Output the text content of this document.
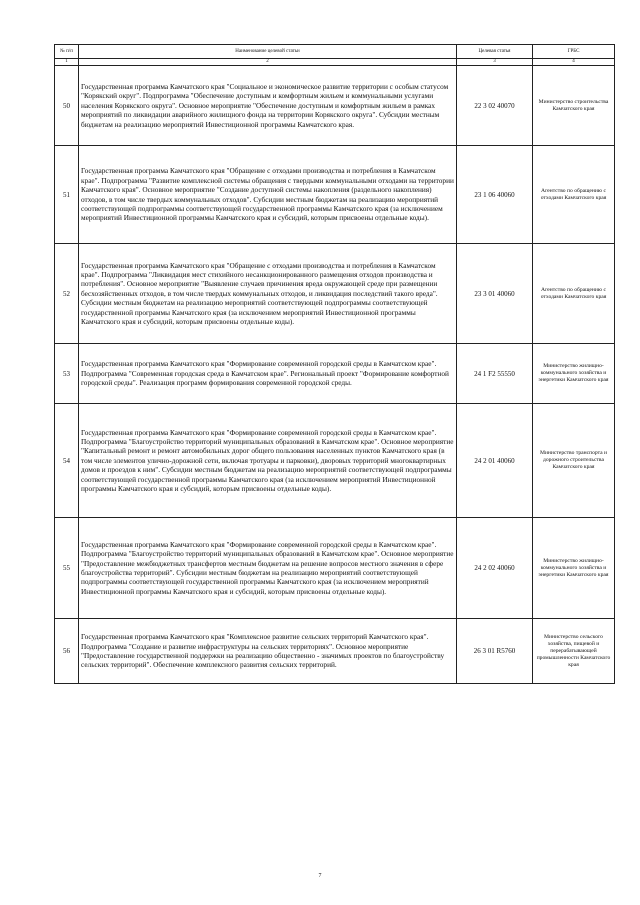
№ п/п	Наименование целевой статьи	Целевая статья	ГРБС
1	2	3	4
50	Государственная программа Камчатского края "Социальное и экономическое развитие территории с особым статусом "Корякский округ". Подпрограмма "Обеспечение доступным и комфортным жильем и коммунальными услугами населения Корякского округа". Основное мероприятие "Обеспечение доступным и комфортным жильем в рамках мероприятий по ликвидации аварийного жилищного фонда на территории Корякского округа". Субсидии местным бюджетам на реализацию мероприятий Инвестиционной программы Камчатского края.	22 3 02 40070	Министерство строительства Камчатского края
51	Государственная программа Камчатского края "Обращение с отходами производства и потребления в Камчатском крае". Подпрограмма "Развитие комплексной системы обращения с твердыми коммунальными отходами на территории Камчатского края". Основное мероприятие "Создание доступной системы накопления (раздельного накопления) отходов, в том числе твердых коммунальных отходов". Субсидии местным бюджетам на реализацию мероприятий соответствующей подпрограммы соответствующей государственной программы Камчатского края (за исключением мероприятий Инвестиционной программы Камчатского края и субсидий, которым присвоены отдельные коды).	23 1 06 40060	Агентство по обращению с отходами Камчатского края
52	Государственная программа Камчатского края "Обращение с отходами производства и потребления в Камчатском крае". Подпрограмма "Ликвидация мест стихийного несанкционированного размещения отходов производства и потребления". Основное мероприятие "Выявление случаев причинения вреда окружающей среде при размещении бесхозяйственных отходов, в том числе твердых коммунальных отходов, и ликвидация последствий такого вреда". Субсидии местным бюджетам на реализацию мероприятий соответствующей подпрограммы соответствующей государственной программы Камчатского края (за исключением мероприятий Инвестиционной программы Камчатского края и субсидий, которым присвоены отдельные коды).	23 3 01 40060	Агентство по обращению с отходами Камчатского края
53	Государственная программа Камчатского края "Формирование современной городской среды в Камчатском крае". Подпрограмма "Современная городская среда в Камчатском крае". Региональный проект "Формирование комфортной городской среды". Реализация программ формирования современной городской среды.	24 1 F2 55550	Министерство жилищно-коммунального хозяйства и энергетики Камчатского края
54	Государственная программа Камчатского края "Формирование современной городской среды в Камчатском крае". Подпрограмма "Благоустройство территорий муниципальных образований в Камчатском крае". Основное мероприятие "Капитальный ремонт и ремонт автомобильных дорог общего пользования населенных пунктов Камчатского края (в том числе элементов улично-дорожной сети, включая тротуары и парковки), дворовых территорий многоквартирных домов и проездов к ним". Субсидии местным бюджетам на реализацию мероприятий соответствующей подпрограммы соответствующей государственной программы Камчатского края (за исключением мероприятий Инвестиционной программы Камчатского края и субсидий, которым присвоены отдельные коды).	24 2 01 40060	Министерство транспорта и дорожного строительства Камчатского края
55	Государственная программа Камчатского края "Формирование современной городской среды в Камчатском крае". Подпрограмма "Благоустройство территорий муниципальных образований в Камчатском крае". Основное мероприятие "Предоставление межбюджетных трансфертов местным бюджетам на решение вопросов местного значения в сфере благоустройства территорий". Субсидии местным бюджетам на реализацию мероприятий соответствующей подпрограммы соответствующей государственной программы Камчатского края (за исключением мероприятий Инвестиционной программы Камчатского края и субсидий, которым присвоены отдельные коды).	24 2 02 40060	Министерство жилищно-коммунального хозяйства и энергетики Камчатского края
56	Государственная программа Камчатского края "Комплексное развитие сельских территорий Камчатского края". Подпрограмма "Создание и развитие инфраструктуры на сельских территориях". Основное мероприятие "Предоставление государственной поддержки на реализацию общественно - значимых проектов по благоустройству сельских территорий". Обеспечение комплексного развития сельских территорий.	26 3 01 R5760	Министерство сельского хозяйства, пищевой и перерабатывающей промышленности Камчатского края
7
